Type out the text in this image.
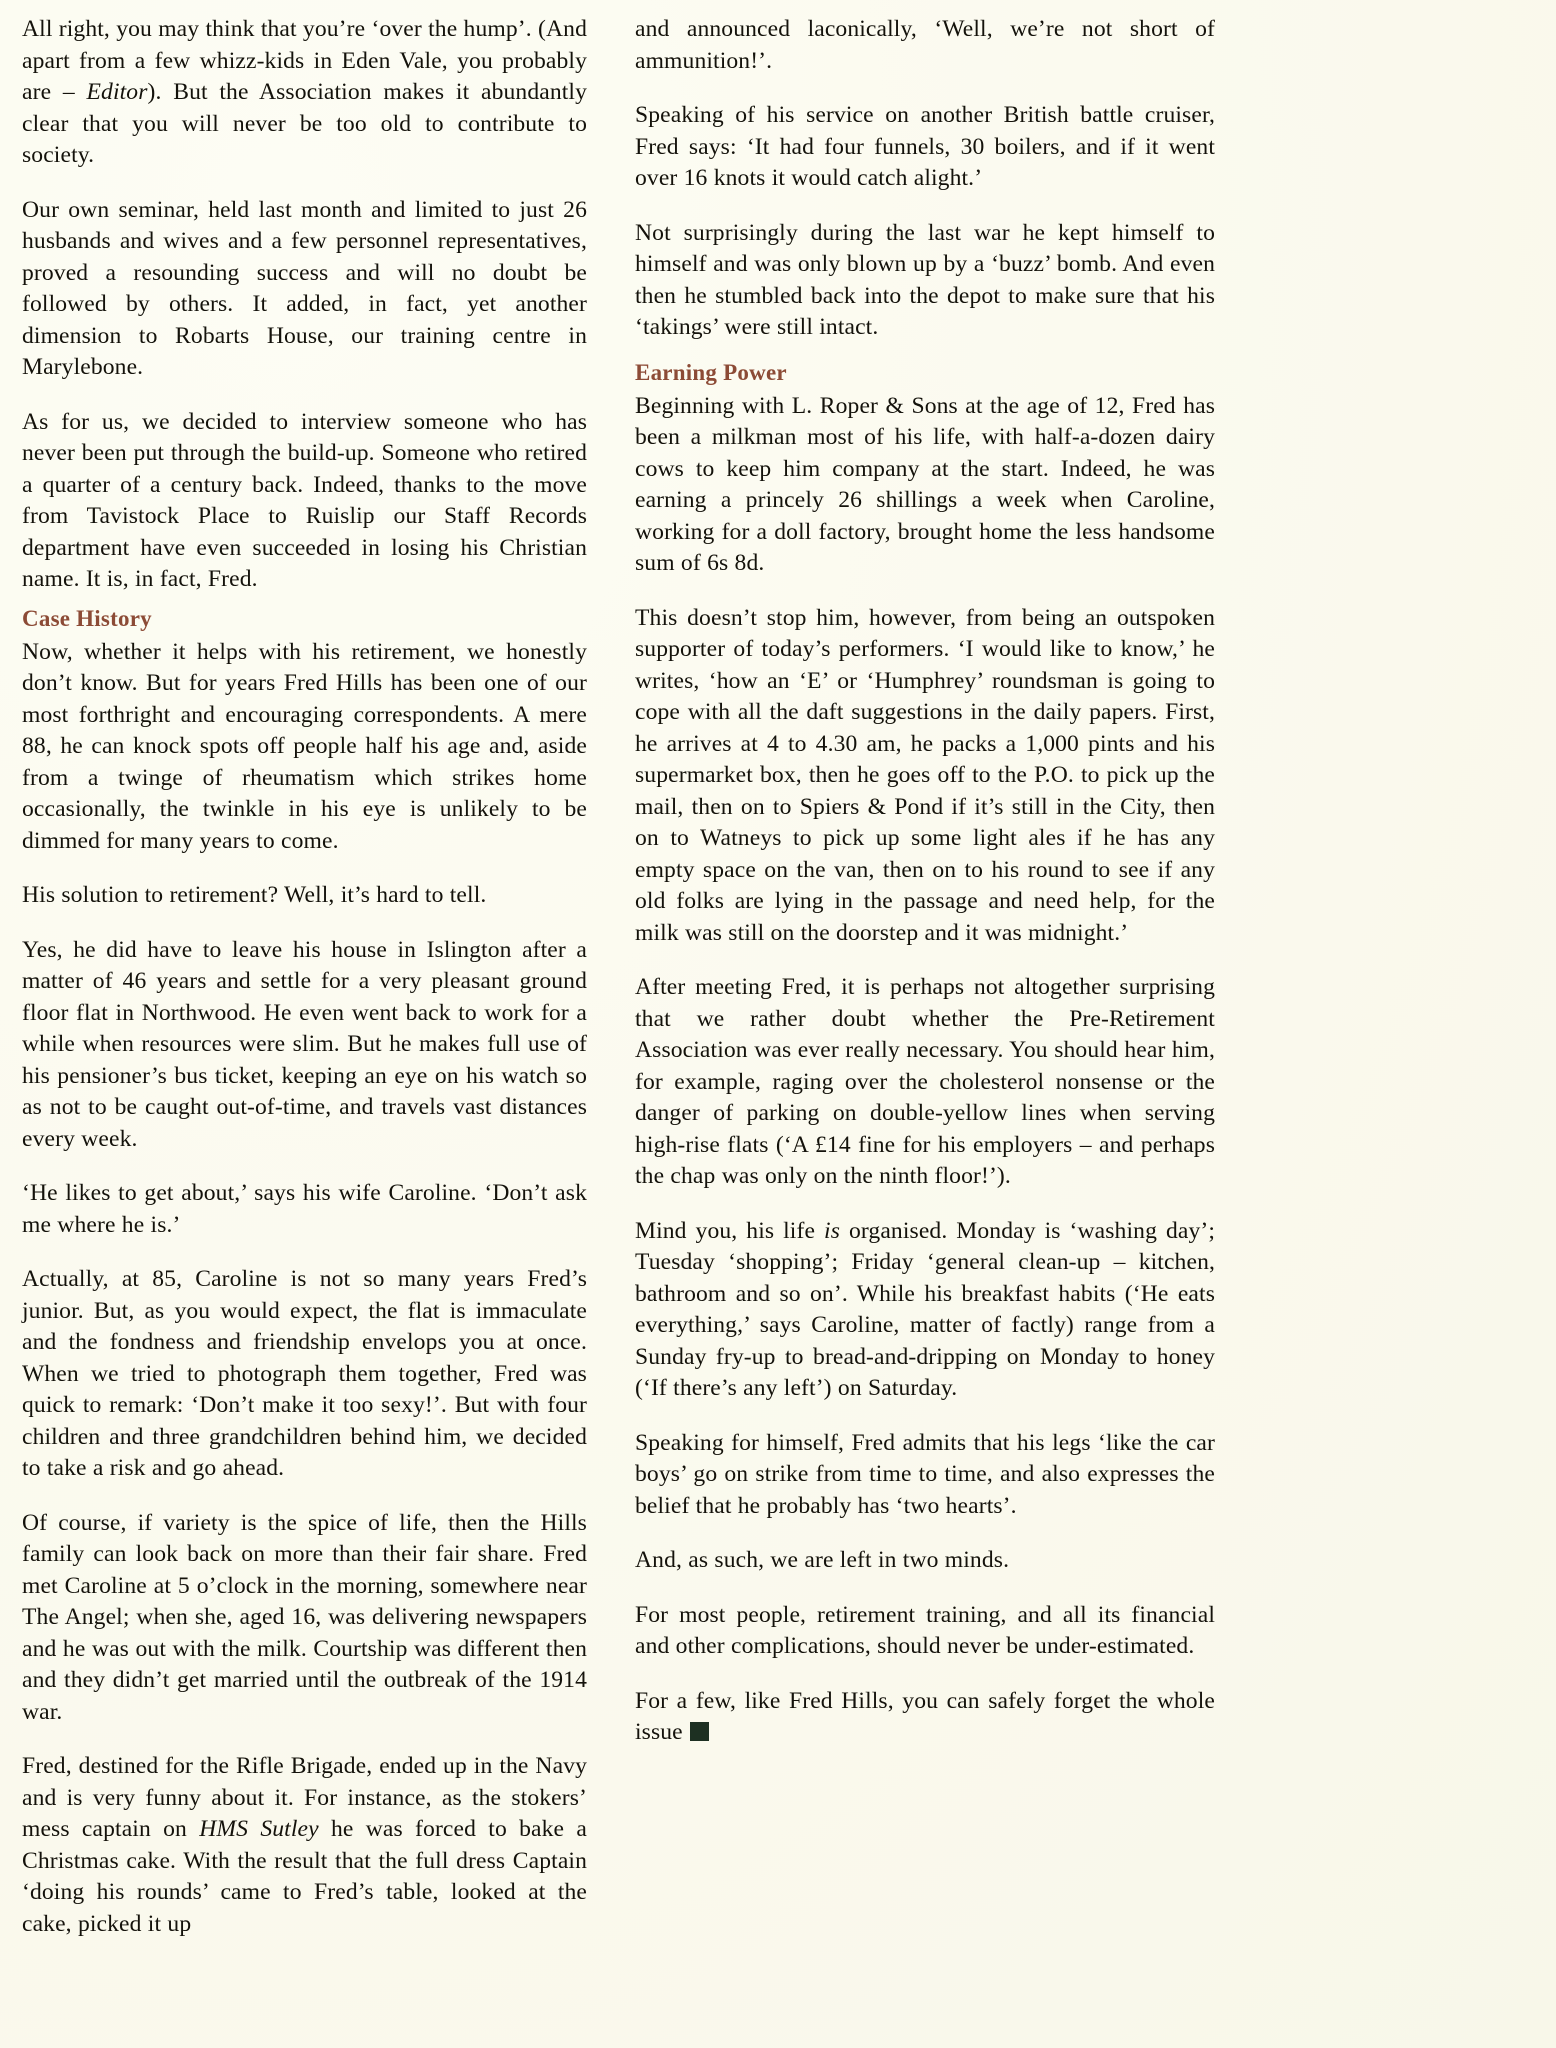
All right, you may think that you’re ‘over the hump’. (And apart from a few whizz-kids in Eden Vale, you probably are – Editor). But the Association makes it abundantly clear that you will never be too old to contribute to society.

Our own seminar, held last month and limited to just 26 husbands and wives and a few personnel representatives, proved a resounding success and will no doubt be followed by others. It added, in fact, yet another dimension to Robarts House, our training centre in Marylebone.

As for us, we decided to interview someone who has never been put through the build-up. Someone who retired a quarter of a century back. Indeed, thanks to the move from Tavistock Place to Ruislip our Staff Records department have even succeeded in losing his Christian name. It is, in fact, Fred.

Case History

Now, whether it helps with his retirement, we honestly don’t know. But for years Fred Hills has been one of our most forthright and encouraging correspondents. A mere 88, he can knock spots off people half his age and, aside from a twinge of rheumatism which strikes home occasionally, the twinkle in his eye is unlikely to be dimmed for many years to come.

His solution to retirement? Well, it’s hard to tell.

Yes, he did have to leave his house in Islington after a matter of 46 years and settle for a very pleasant ground floor flat in Northwood. He even went back to work for a while when resources were slim. But he makes full use of his pensioner’s bus ticket, keeping an eye on his watch so as not to be caught out-of-time, and travels vast distances every week.

‘He likes to get about,’ says his wife Caroline. ‘Don’t ask me where he is.’

Actually, at 85, Caroline is not so many years Fred’s junior. But, as you would expect, the flat is immaculate and the fondness and friendship envelops you at once. When we tried to photograph them together, Fred was quick to remark: ‘Don’t make it too sexy!’. But with four children and three grandchildren behind him, we decided to take a risk and go ahead.

Of course, if variety is the spice of life, then the Hills family can look back on more than their fair share. Fred met Caroline at 5 o’clock in the morning, somewhere near The Angel; when she, aged 16, was delivering newspapers and he was out with the milk. Courtship was different then and they didn’t get married until the outbreak of the 1914 war.

Fred, destined for the Rifle Brigade, ended up in the Navy and is very funny about it. For instance, as the stokers’ mess captain on HMS Sutley he was forced to bake a Christmas cake. With the result that the full dress Captain ‘doing his rounds’ came to Fred’s table, looked at the cake, picked it up

and announced laconically, ‘Well, we’re not short of ammunition!’.

Speaking of his service on another British battle cruiser, Fred says: ‘It had four funnels, 30 boilers, and if it went over 16 knots it would catch alight.’

Not surprisingly during the last war he kept himself to himself and was only blown up by a ‘buzz’ bomb. And even then he stumbled back into the depot to make sure that his ‘takings’ were still intact.

Earning Power

Beginning with L. Roper & Sons at the age of 12, Fred has been a milkman most of his life, with half-a-dozen dairy cows to keep him company at the start. Indeed, he was earning a princely 26 shillings a week when Caroline, working for a doll factory, brought home the less handsome sum of 6s 8d.

This doesn’t stop him, however, from being an outspoken supporter of today’s performers. ‘I would like to know,’ he writes, ‘how an ‘E’ or ‘Humphrey’ roundsman is going to cope with all the daft suggestions in the daily papers. First, he arrives at 4 to 4.30 am, he packs a 1,000 pints and his supermarket box, then he goes off to the P.O. to pick up the mail, then on to Spiers & Pond if it’s still in the City, then on to Watneys to pick up some light ales if he has any empty space on the van, then on to his round to see if any old folks are lying in the passage and need help, for the milk was still on the doorstep and it was midnight.’

After meeting Fred, it is perhaps not altogether surprising that we rather doubt whether the Pre-Retirement Association was ever really necessary. You should hear him, for example, raging over the cholesterol nonsense or the danger of parking on double-yellow lines when serving high-rise flats (‘A £14 fine for his employers – and perhaps the chap was only on the ninth floor!’).

Mind you, his life is organised. Monday is ‘washing day’; Tuesday ‘shopping’; Friday ‘general clean-up – kitchen, bathroom and so on’. While his breakfast habits (‘He eats everything,’ says Caroline, matter of factly) range from a Sunday fry-up to bread-and-dripping on Monday to honey (‘If there’s any left’) on Saturday.

Speaking for himself, Fred admits that his legs ‘like the car boys’ go on strike from time to time, and also expresses the belief that he probably has ‘two hearts’.

And, as such, we are left in two minds.

For most people, retirement training, and all its financial and other complications, should never be under-estimated.

For a few, like Fred Hills, you can safely forget the whole issue
